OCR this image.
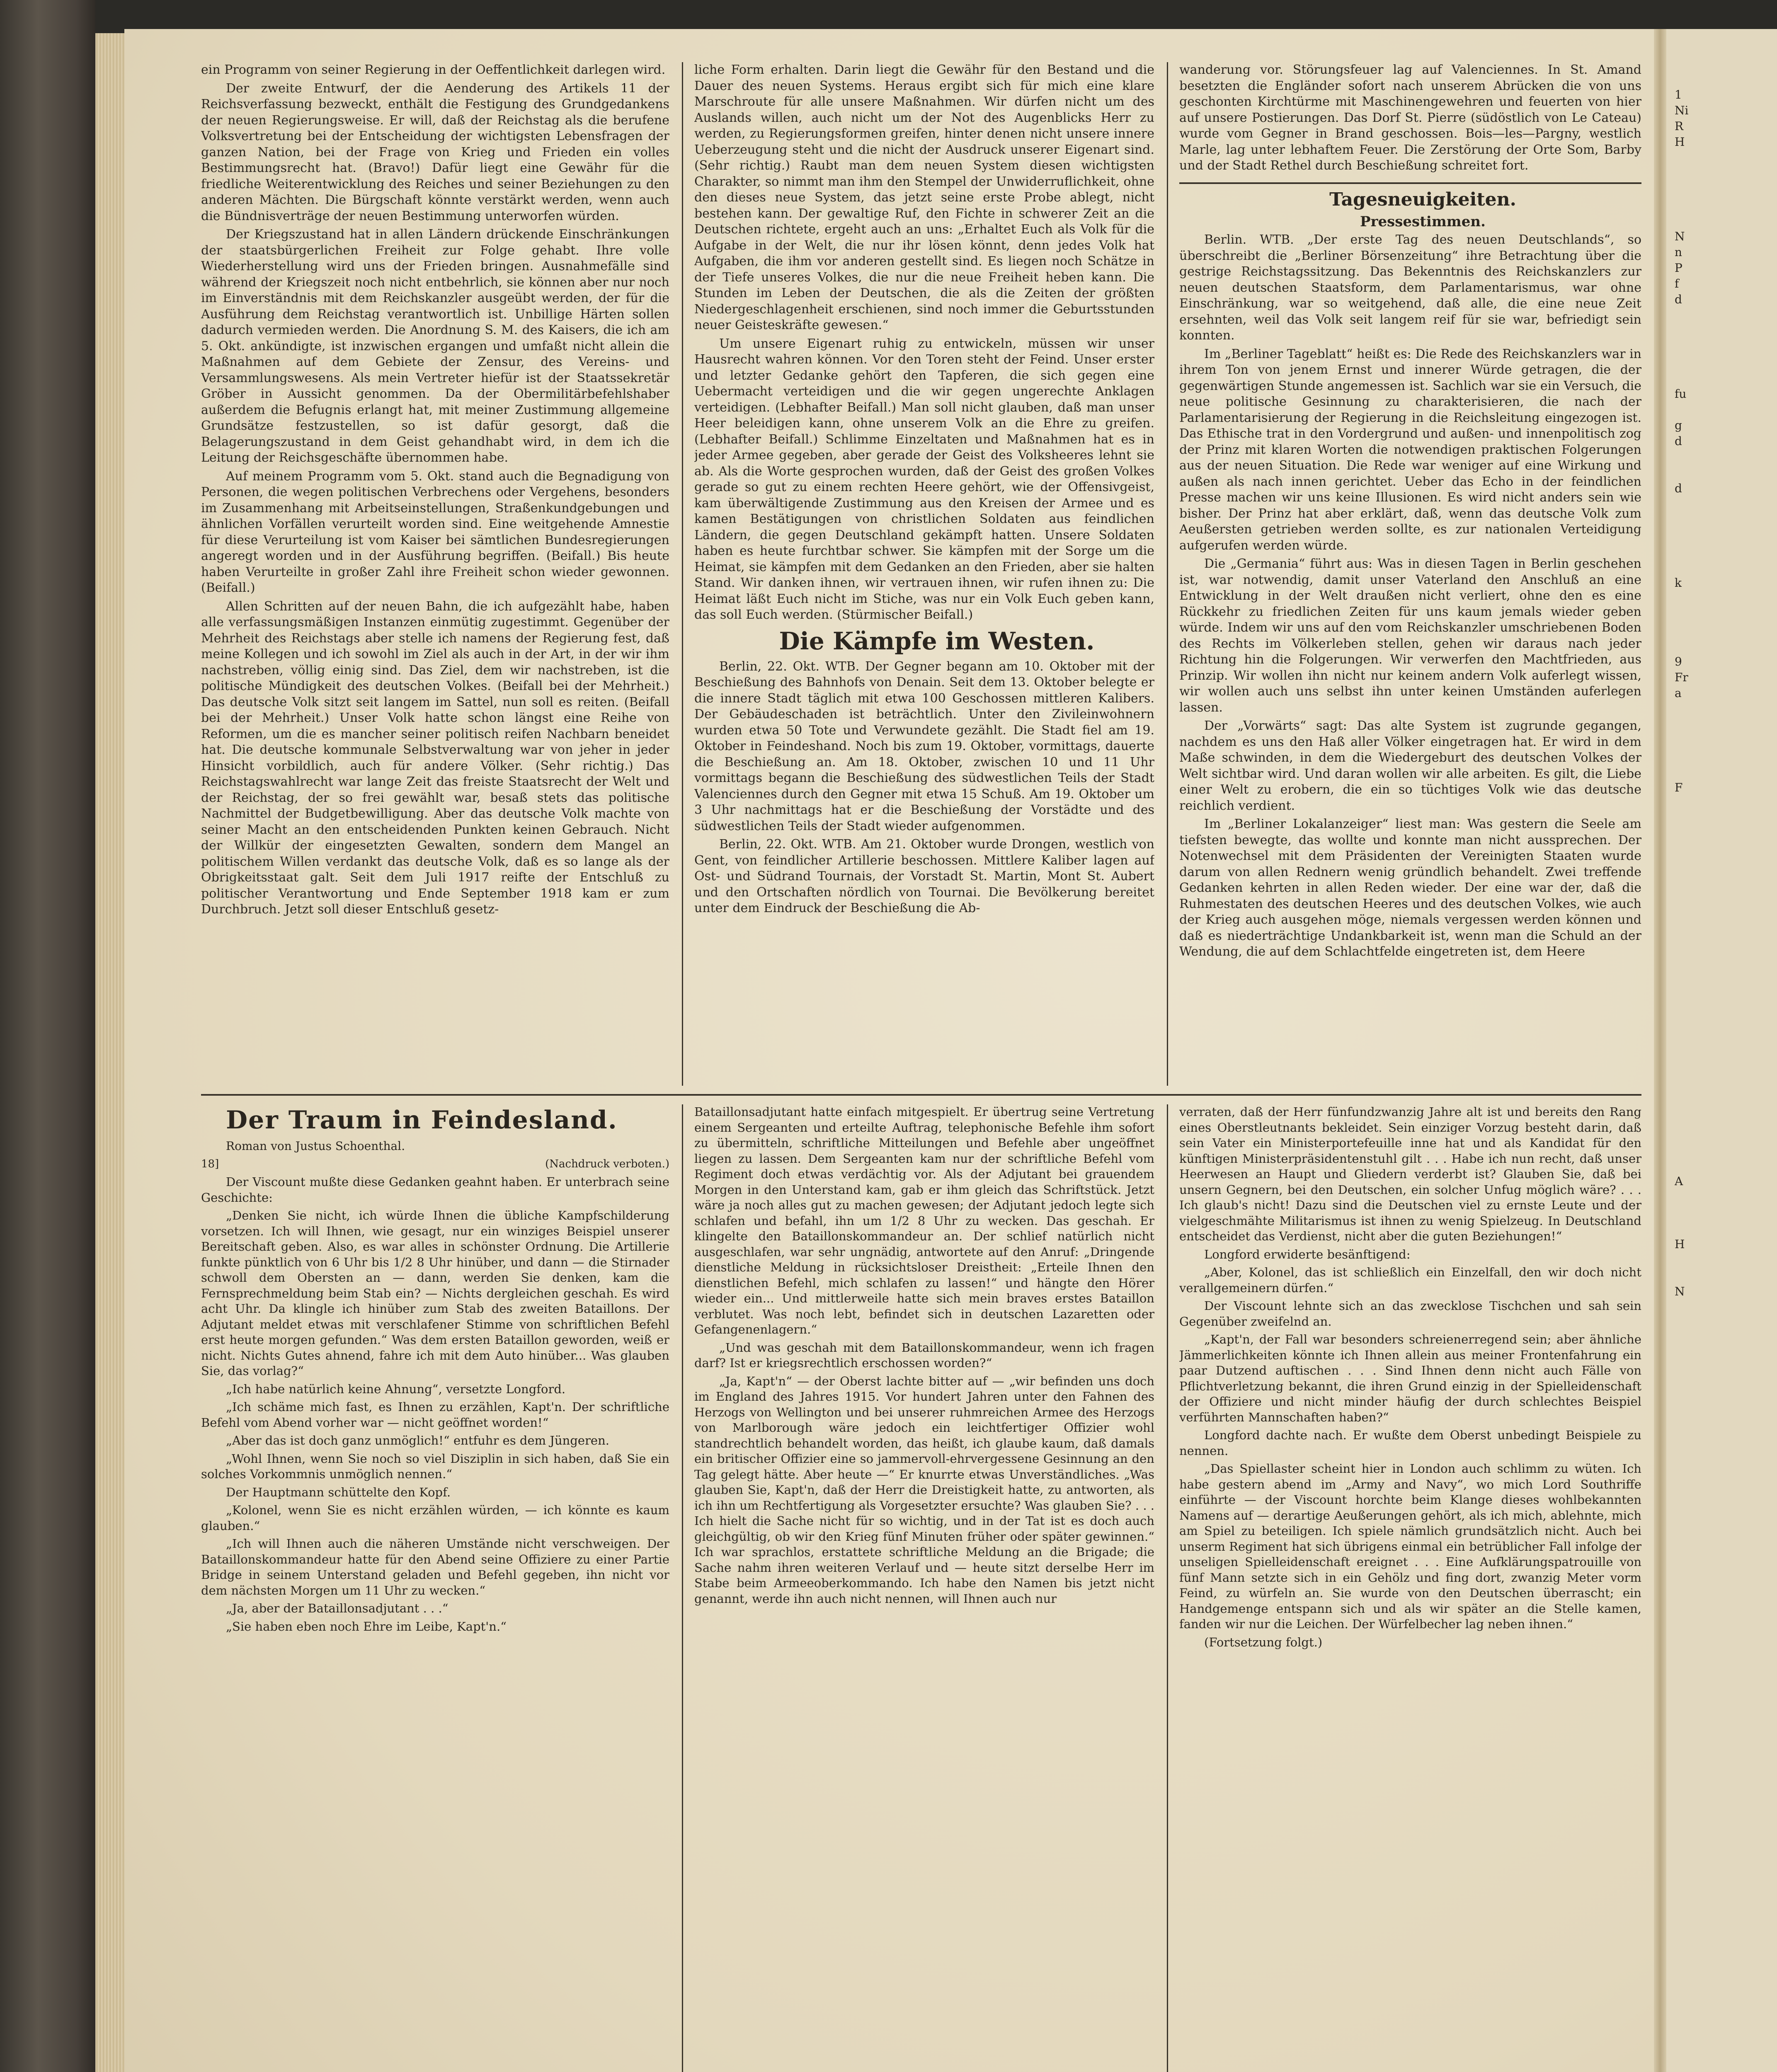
ein Programm von seiner Regierung in der Oeffentlichkeit darlegen wird.

Der zweite Entwurf, der die Aenderung des Artikels 11 der Reichsverfassung bezweckt, enthält die Festigung des Grundgedankens der neuen Regierungsweise. Er will, daß der Reichstag als die berufene Volksvertretung bei der Entscheidung der wichtigsten Lebensfragen der ganzen Nation, bei der Frage von Krieg und Frieden ein volles Bestimmungsrecht hat. (Bravo!) Dafür liegt eine Gewähr für die friedliche Weiterentwicklung des Reiches und seiner Beziehungen zu den anderen Mächten. Die Bürgschaft könnte verstärkt werden, wenn auch die Bündnisverträge der neuen Bestimmung unterworfen würden.

Der Kriegszustand hat in allen Ländern drückende Einschränkungen der staatsbürgerlichen Freiheit zur Folge gehabt. Ihre volle Wiederherstellung wird uns der Frieden bringen. Ausnahmefälle sind während der Kriegszeit noch nicht entbehrlich, sie können aber nur noch im Einverständnis mit dem Reichskanzler ausgeübt werden, der für die Ausführung dem Reichstag verantwortlich ist. Unbillige Härten sollen dadurch vermieden werden. Die Anordnung S. M. des Kaisers, die ich am 5. Okt. ankündigte, ist inzwischen ergangen und umfaßt nicht allein die Maßnahmen auf dem Gebiete der Zensur, des Vereins- und Versammlungswesens. Als mein Vertreter hiefür ist der Staatssekretär Gröber in Aussicht genommen. Da der Obermilitärbefehlshaber außerdem die Befugnis erlangt hat, mit meiner Zustimmung allgemeine Grundsätze festzustellen, so ist dafür gesorgt, daß die Belagerungszustand in dem Geist gehandhabt wird, in dem ich die Leitung der Reichsgeschäfte übernommen habe.

Auf meinem Programm vom 5. Okt. stand auch die Begnadigung von Personen, die wegen politischen Verbrechens oder Vergehens, besonders im Zusammenhang mit Arbeitseinstellungen, Straßenkundgebungen und ähnlichen Vorfällen verurteilt worden sind. Eine weitgehende Amnestie für diese Verurteilung ist vom Kaiser bei sämtlichen Bundesregierungen angeregt worden und in der Ausführung begriffen. (Beifall.) Bis heute haben Verurteilte in großer Zahl ihre Freiheit schon wieder gewonnen. (Beifall.)

Allen Schritten auf der neuen Bahn, die ich aufgezählt habe, haben alle verfassungsmäßigen Instanzen einmütig zugestimmt. Gegenüber der Mehrheit des Reichstags aber stelle ich namens der Regierung fest, daß meine Kollegen und ich sowohl im Ziel als auch in der Art, in der wir ihm nachstreben, völlig einig sind. Das Ziel, dem wir nachstreben, ist die politische Mündigkeit des deutschen Volkes. (Beifall bei der Mehrheit.) Das deutsche Volk sitzt seit langem im Sattel, nun soll es reiten. (Beifall bei der Mehrheit.) Unser Volk hatte schon längst eine Reihe von Reformen, um die es mancher seiner politisch reifen Nachbarn beneidet hat. Die deutsche kommunale Selbstverwaltung war von jeher in jeder Hinsicht vorbildlich, auch für andere Völker. (Sehr richtig.) Das Reichstagswahlrecht war lange Zeit das freiste Staatsrecht der Welt und der Reichstag, der so frei gewählt war, besaß stets das politische Nachmittel der Budgetbewilligung. Aber das deutsche Volk machte von seiner Macht an den entscheidenden Punkten keinen Gebrauch. Nicht der Willkür der eingesetzten Gewalten, sondern dem Mangel an politischem Willen verdankt das deutsche Volk, daß es so lange als der Obrigkeitsstaat galt. Seit dem Juli 1917 reifte der Entschluß zu politischer Verantwortung und Ende September 1918 kam er zum Durchbruch. Jetzt soll dieser Entschluß gesetz-

liche Form erhalten. Darin liegt die Gewähr für den Bestand und die Dauer des neuen Systems. Heraus ergibt sich für mich eine klare Marschroute für alle unsere Maßnahmen. Wir dürfen nicht um des Auslands willen, auch nicht um der Not des Augenblicks Herr zu werden, zu Regierungsformen greifen, hinter denen nicht unsere innere Ueberzeugung steht und die nicht der Ausdruck unserer Eigenart sind. (Sehr richtig.) Raubt man dem neuen System diesen wichtigsten Charakter, so nimmt man ihm den Stempel der Unwiderruflichkeit, ohne den dieses neue System, das jetzt seine erste Probe ablegt, nicht bestehen kann. Der gewaltige Ruf, den Fichte in schwerer Zeit an die Deutschen richtete, ergeht auch an uns: „Erhaltet Euch als Volk für die Aufgabe in der Welt, die nur ihr lösen könnt, denn jedes Volk hat Aufgaben, die ihm vor anderen gestellt sind. Es liegen noch Schätze in der Tiefe unseres Volkes, die nur die neue Freiheit heben kann. Die Stunden im Leben der Deutschen, die als die Zeiten der größten Niedergeschlagenheit erschienen, sind noch immer die Geburtsstunden neuer Geisteskräfte gewesen.“

Um unsere Eigenart ruhig zu entwickeln, müssen wir unser Hausrecht wahren können. Vor den Toren steht der Feind. Unser erster und letzter Gedanke gehört den Tapferen, die sich gegen eine Uebermacht verteidigen und die wir gegen ungerechte Anklagen verteidigen. (Lebhafter Beifall.) Man soll nicht glauben, daß man unser Heer beleidigen kann, ohne unserem Volk an die Ehre zu greifen. (Lebhafter Beifall.) Schlimme Einzeltaten und Maßnahmen hat es in jeder Armee gegeben, aber gerade der Geist des Volksheeres lehnt sie ab. Als die Worte gesprochen wurden, daß der Geist des großen Volkes gerade so gut zu einem rechten Heere gehört, wie der Offensivgeist, kam überwältigende Zustimmung aus den Kreisen der Armee und es kamen Bestätigungen von christlichen Soldaten aus feindlichen Ländern, die gegen Deutschland gekämpft hatten. Unsere Soldaten haben es heute furchtbar schwer. Sie kämpfen mit der Sorge um die Heimat, sie kämpfen mit dem Gedanken an den Frieden, aber sie halten Stand. Wir danken ihnen, wir vertrauen ihnen, wir rufen ihnen zu: Die Heimat läßt Euch nicht im Stiche, was nur ein Volk Euch geben kann, das soll Euch werden. (Stürmischer Beifall.)

Die Kämpfe im Westen.

Berlin, 22. Okt. WTB. Der Gegner begann am 10. Oktober mit der Beschießung des Bahnhofs von Denain. Seit dem 13. Oktober belegte er die innere Stadt täglich mit etwa 100 Geschossen mittleren Kalibers. Der Gebäudeschaden ist beträchtlich. Unter den Zivileinwohnern wurden etwa 50 Tote und Verwundete gezählt. Die Stadt fiel am 19. Oktober in Feindeshand. Noch bis zum 19. Oktober, vormittags, dauerte die Beschießung an. Am 18. Oktober, zwischen 10 und 11 Uhr vormittags begann die Beschießung des südwestlichen Teils der Stadt Valenciennes durch den Gegner mit etwa 15 Schuß. Am 19. Oktober um 3 Uhr nachmittags hat er die Beschießung der Vorstädte und des südwestlichen Teils der Stadt wieder aufgenommen.

Berlin, 22. Okt. WTB. Am 21. Oktober wurde Drongen, westlich von Gent, von feindlicher Artillerie beschossen. Mittlere Kaliber lagen auf Ost- und Südrand Tournais, der Vorstadt St. Martin, Mont St. Aubert und den Ortschaften nördlich von Tournai. Die Bevölkerung bereitet unter dem Eindruck der Beschießung die Ab-

wanderung vor. Störungsfeuer lag auf Valenciennes. In St. Amand besetzten die Engländer sofort nach unserem Abrücken die von uns geschonten Kirchtürme mit Maschinengewehren und feuerten von hier auf unsere Postierungen. Das Dorf St. Pierre (südöstlich von Le Cateau) wurde vom Gegner in Brand geschossen. Bois—les—Pargny, westlich Marle, lag unter lebhaftem Feuer. Die Zerstörung der Orte Som, Barby und der Stadt Rethel durch Beschießung schreitet fort.

Tagesneuigkeiten.

Pressestimmen.

Berlin. WTB. „Der erste Tag des neuen Deutschlands“, so überschreibt die „Berliner Börsenzeitung“ ihre Betrachtung über die gestrige Reichstagssitzung. Das Bekenntnis des Reichskanzlers zur neuen deutschen Staatsform, dem Parlamentarismus, war ohne Einschränkung, war so weitgehend, daß alle, die eine neue Zeit ersehnten, weil das Volk seit langem reif für sie war, befriedigt sein konnten.

Im „Berliner Tageblatt“ heißt es: Die Rede des Reichskanzlers war in ihrem Ton von jenem Ernst und innerer Würde getragen, die der gegenwärtigen Stunde angemessen ist. Sachlich war sie ein Versuch, die neue politische Gesinnung zu charakterisieren, die nach der Parlamentarisierung der Regierung in die Reichsleitung eingezogen ist. Das Ethische trat in den Vordergrund und außen- und innenpolitisch zog der Prinz mit klaren Worten die notwendigen praktischen Folgerungen aus der neuen Situation. Die Rede war weniger auf eine Wirkung und außen als nach innen gerichtet. Ueber das Echo in der feindlichen Presse machen wir uns keine Illusionen. Es wird nicht anders sein wie bisher. Der Prinz hat aber erklärt, daß, wenn das deutsche Volk zum Aeußersten getrieben werden sollte, es zur nationalen Verteidigung aufgerufen werden würde.

Die „Germania“ führt aus: Was in diesen Tagen in Berlin geschehen ist, war notwendig, damit unser Vaterland den Anschluß an eine Entwicklung in der Welt draußen nicht verliert, ohne den es eine Rückkehr zu friedlichen Zeiten für uns kaum jemals wieder geben würde. Indem wir uns auf den vom Reichskanzler umschriebenen Boden des Rechts im Völkerleben stellen, gehen wir daraus nach jeder Richtung hin die Folgerungen. Wir verwerfen den Machtfrieden, aus Prinzip. Wir wollen ihn nicht nur keinem andern Volk auferlegt wissen, wir wollen auch uns selbst ihn unter keinen Umständen auferlegen lassen.

Der „Vorwärts“ sagt: Das alte System ist zugrunde gegangen, nachdem es uns den Haß aller Völker eingetragen hat. Er wird in dem Maße schwinden, in dem die Wiedergeburt des deutschen Volkes der Welt sichtbar wird. Und daran wollen wir alle arbeiten. Es gilt, die Liebe einer Welt zu erobern, die ein so tüchtiges Volk wie das deutsche reichlich verdient.

Im „Berliner Lokalanzeiger“ liest man: Was gestern die Seele am tiefsten bewegte, das wollte und konnte man nicht aussprechen. Der Notenwechsel mit dem Präsidenten der Vereinigten Staaten wurde darum von allen Rednern wenig gründlich behandelt. Zwei treffende Gedanken kehrten in allen Reden wieder. Der eine war der, daß die Ruhmestaten des deutschen Heeres und des deutschen Volkes, wie auch der Krieg auch ausgehen möge, niemals vergessen werden können und daß es niederträchtige Undankbarkeit ist, wenn man die Schuld an der Wendung, die auf dem Schlachtfelde eingetreten ist, dem Heere

Der Traum in Feindesland.

Roman von Justus Schoenthal.

18]	(Nachdruck verboten.)

Der Viscount mußte diese Gedanken geahnt haben. Er unterbrach seine Geschichte:

„Denken Sie nicht, ich würde Ihnen die übliche Kampfschilderung vorsetzen. Ich will Ihnen, wie gesagt, nur ein winziges Beispiel unserer Bereitschaft geben. Also, es war alles in schönster Ordnung. Die Artillerie funkte pünktlich von 6 Uhr bis 1/2 8 Uhr hinüber, und dann — die Stirnader schwoll dem Obersten an — dann, werden Sie denken, kam die Fernsprechmeldung beim Stab ein? — Nichts dergleichen geschah. Es wird acht Uhr. Da klingle ich hinüber zum Stab des zweiten Bataillons. Der Adjutant meldet etwas mit verschlafener Stimme von schriftlichen Befehl erst heute morgen gefunden.“ Was dem ersten Bataillon geworden, weiß er nicht. Nichts Gutes ahnend, fahre ich mit dem Auto hinüber... Was glauben Sie, das vorlag?“

„Ich habe natürlich keine Ahnung“, versetzte Longford.

„Ich schäme mich fast, es Ihnen zu erzählen, Kapt'n. Der schriftliche Befehl vom Abend vorher war — nicht geöffnet worden!“

„Aber das ist doch ganz unmöglich!“ entfuhr es dem Jüngeren.

„Wohl Ihnen, wenn Sie noch so viel Disziplin in sich haben, daß Sie ein solches Vorkommnis unmöglich nennen.“

Der Hauptmann schüttelte den Kopf.

„Kolonel, wenn Sie es nicht erzählen würden, — ich könnte es kaum glauben.“

„Ich will Ihnen auch die näheren Umstände nicht verschweigen. Der Bataillonskommandeur hatte für den Abend seine Offiziere zu einer Partie Bridge in seinem Unterstand geladen und Befehl gegeben, ihn nicht vor dem nächsten Morgen um 11 Uhr zu wecken.“

„Ja, aber der Bataillonsadjutant . . .“

„Sie haben eben noch Ehre im Leibe, Kapt'n.“

Bataillonsadjutant hatte einfach mitgespielt. Er übertrug seine Vertretung einem Sergeanten und erteilte Auftrag, telephonische Befehle ihm sofort zu übermitteln, schriftliche Mitteilungen und Befehle aber ungeöffnet liegen zu lassen. Dem Sergeanten kam nur der schriftliche Befehl vom Regiment doch etwas verdächtig vor. Als der Adjutant bei grauendem Morgen in den Unterstand kam, gab er ihm gleich das Schriftstück. Jetzt wäre ja noch alles gut zu machen gewesen; der Adjutant jedoch legte sich schlafen und befahl, ihn um 1/2 8 Uhr zu wecken. Das geschah. Er klingelte den Bataillonskommandeur an. Der schlief natürlich nicht ausgeschlafen, war sehr ungnädig, antwortete auf den Anruf: „Dringende dienstliche Meldung in rücksichtsloser Dreistheit: „Erteile Ihnen den dienstlichen Befehl, mich schlafen zu lassen!“ und hängte den Hörer wieder ein... Und mittlerweile hatte sich mein braves erstes Bataillon verblutet. Was noch lebt, befindet sich in deutschen Lazaretten oder Gefangenenlagern.“

„Und was geschah mit dem Bataillonskommandeur, wenn ich fragen darf? Ist er kriegsrechtlich erschossen worden?“

„Ja, Kapt'n“ — der Oberst lachte bitter auf — „wir befinden uns doch im England des Jahres 1915. Vor hundert Jahren unter den Fahnen des Herzogs von Wellington und bei unserer ruhmreichen Armee des Herzogs von Marlborough wäre jedoch ein leichtfertiger Offizier wohl standrechtlich behandelt worden, das heißt, ich glaube kaum, daß damals ein britischer Offizier eine so jammervoll-ehrvergessene Gesinnung an den Tag gelegt hätte. Aber heute —“ Er knurrte etwas Unverständliches. „Was glauben Sie, Kapt'n, daß der Herr die Dreistigkeit hatte, zu antworten, als ich ihn um Rechtfertigung als Vorgesetzter ersuchte? Was glauben Sie? . . . Ich hielt die Sache nicht für so wichtig, und in der Tat ist es doch auch gleichgültig, ob wir den Krieg fünf Minuten früher oder später gewinnen.“ Ich war sprachlos, erstattete schriftliche Meldung an die Brigade; die Sache nahm ihren weiteren Verlauf und — heute sitzt derselbe Herr im Stabe beim Armeeoberkommando. Ich habe den Namen bis jetzt nicht genannt, werde ihn auch nicht nennen, will Ihnen auch nur

verraten, daß der Herr fünfundzwanzig Jahre alt ist und bereits den Rang eines Oberstleutnants bekleidet. Sein einziger Vorzug besteht darin, daß sein Vater ein Ministerportefeuille inne hat und als Kandidat für den künftigen Ministerpräsidentenstuhl gilt . . . Habe ich nun recht, daß unser Heerwesen an Haupt und Gliedern verderbt ist? Glauben Sie, daß bei unsern Gegnern, bei den Deutschen, ein solcher Unfug möglich wäre? . . . Ich glaub's nicht! Dazu sind die Deutschen viel zu ernste Leute und der vielgeschmähte Militarismus ist ihnen zu wenig Spielzeug. In Deutschland entscheidet das Verdienst, nicht aber die guten Beziehungen!“

Longford erwiderte besänftigend:

„Aber, Kolonel, das ist schließlich ein Einzelfall, den wir doch nicht verallgemeinern dürfen.“

Der Viscount lehnte sich an das zwecklose Tischchen und sah sein Gegenüber zweifelnd an.

„Kapt'n, der Fall war besonders schreienerregend sein; aber ähnliche Jämmerlichkeiten könnte ich Ihnen allein aus meiner Frontenfahrung ein paar Dutzend auftischen . . . Sind Ihnen denn nicht auch Fälle von Pflichtverletzung bekannt, die ihren Grund einzig in der Spielleidenschaft der Offiziere und nicht minder häufig der durch schlechtes Beispiel verführten Mannschaften haben?“

Longford dachte nach. Er wußte dem Oberst unbedingt Beispiele zu nennen.

„Das Spiellaster scheint hier in London auch schlimm zu wüten. Ich habe gestern abend im „Army and Navy“, wo mich Lord Southriffe einführte — der Viscount horchte beim Klange dieses wohlbekannten Namens auf — derartige Aeußerungen gehört, als ich mich, ablehnte, mich am Spiel zu beteiligen. Ich spiele nämlich grundsätzlich nicht. Auch bei unserm Regiment hat sich übrigens einmal ein betrüblicher Fall infolge der unseligen Spielleidenschaft ereignet . . . Eine Aufklärungspatrouille von fünf Mann setzte sich in ein Gehölz und fing dort, zwanzig Meter vorm Feind, zu würfeln an. Sie wurde von den Deutschen überrascht; ein Handgemenge entspann sich und als wir später an die Stelle kamen, fanden wir nur die Leichen. Der Würfelbecher lag neben ihnen.“

(Fortsetzung folgt.)

1
Ni
R
H
N
n
P
f
d
fu
g
d
d
k
9
Fr
a
F
A
H
N
